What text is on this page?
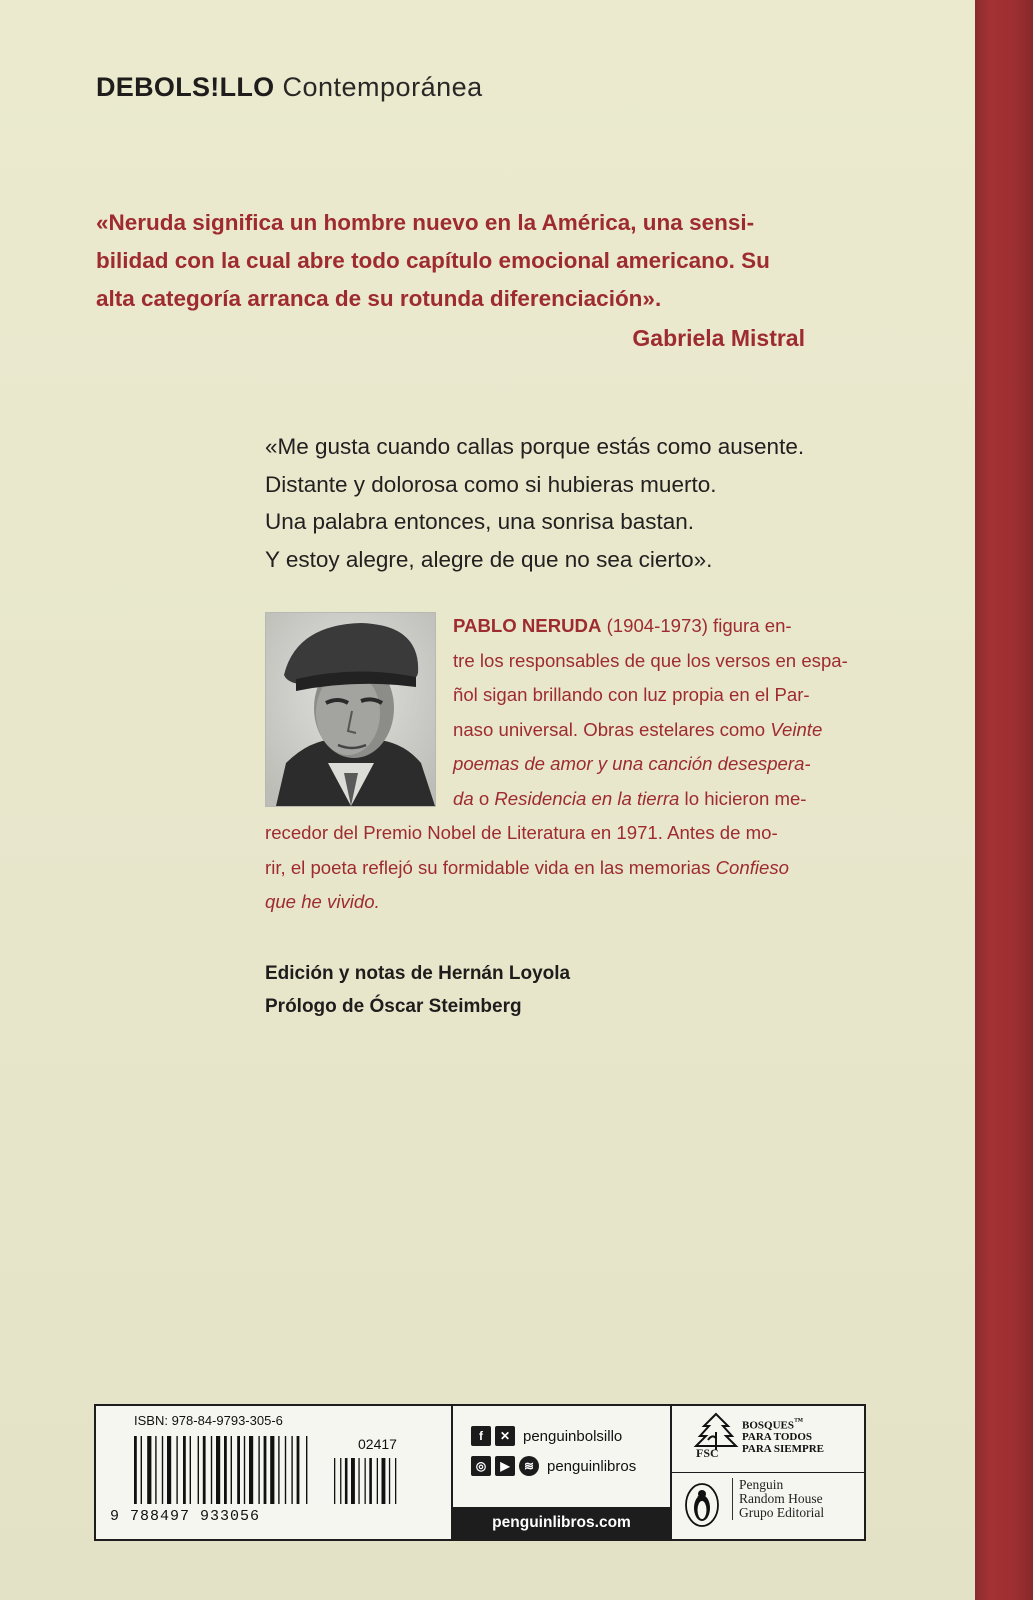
DEBOLS!LLO Contemporánea

«Neruda significa un hombre nuevo en la América, una sensi-

bilidad con la cual abre todo capítulo emocional americano. Su

alta categoría arranca de su rotunda diferenciación».

Gabriela Mistral
«Me gusta cuando callas porque estás como ausente.
Distante y dolorosa como si hubieras muerto.
Una palabra entonces, una sonrisa bastan.
Y estoy alegre, alegre de que no sea cierto».
PABLO NERUDA (1904-1973) figura en-
tre los responsables de que los versos en espa-
ñol sigan brillando con luz propia en el Par-
naso universal. Obras estelares como Veinte
poemas de amor y una canción desespera-
da o Residencia en la tierra lo hicieron me-
recedor del Premio Nobel de Literatura en 1971. Antes de mo-
rir, el poeta reflejó su formidable vida en las memorias Confieso
que he vivido.
Edición y notas de Hernán Loyola
Prólogo de Óscar Steimberg
ISBN: 978-84-9793-305-6
02417
9 788497 933056
f	✕ penguinbolsillo
◎	▶	≋ penguinlibros
penguinlibros.com
FSC
BOSQUES™
PARA TODOS
PARA SIEMPRE
Penguin
Random House
Grupo Editorial
